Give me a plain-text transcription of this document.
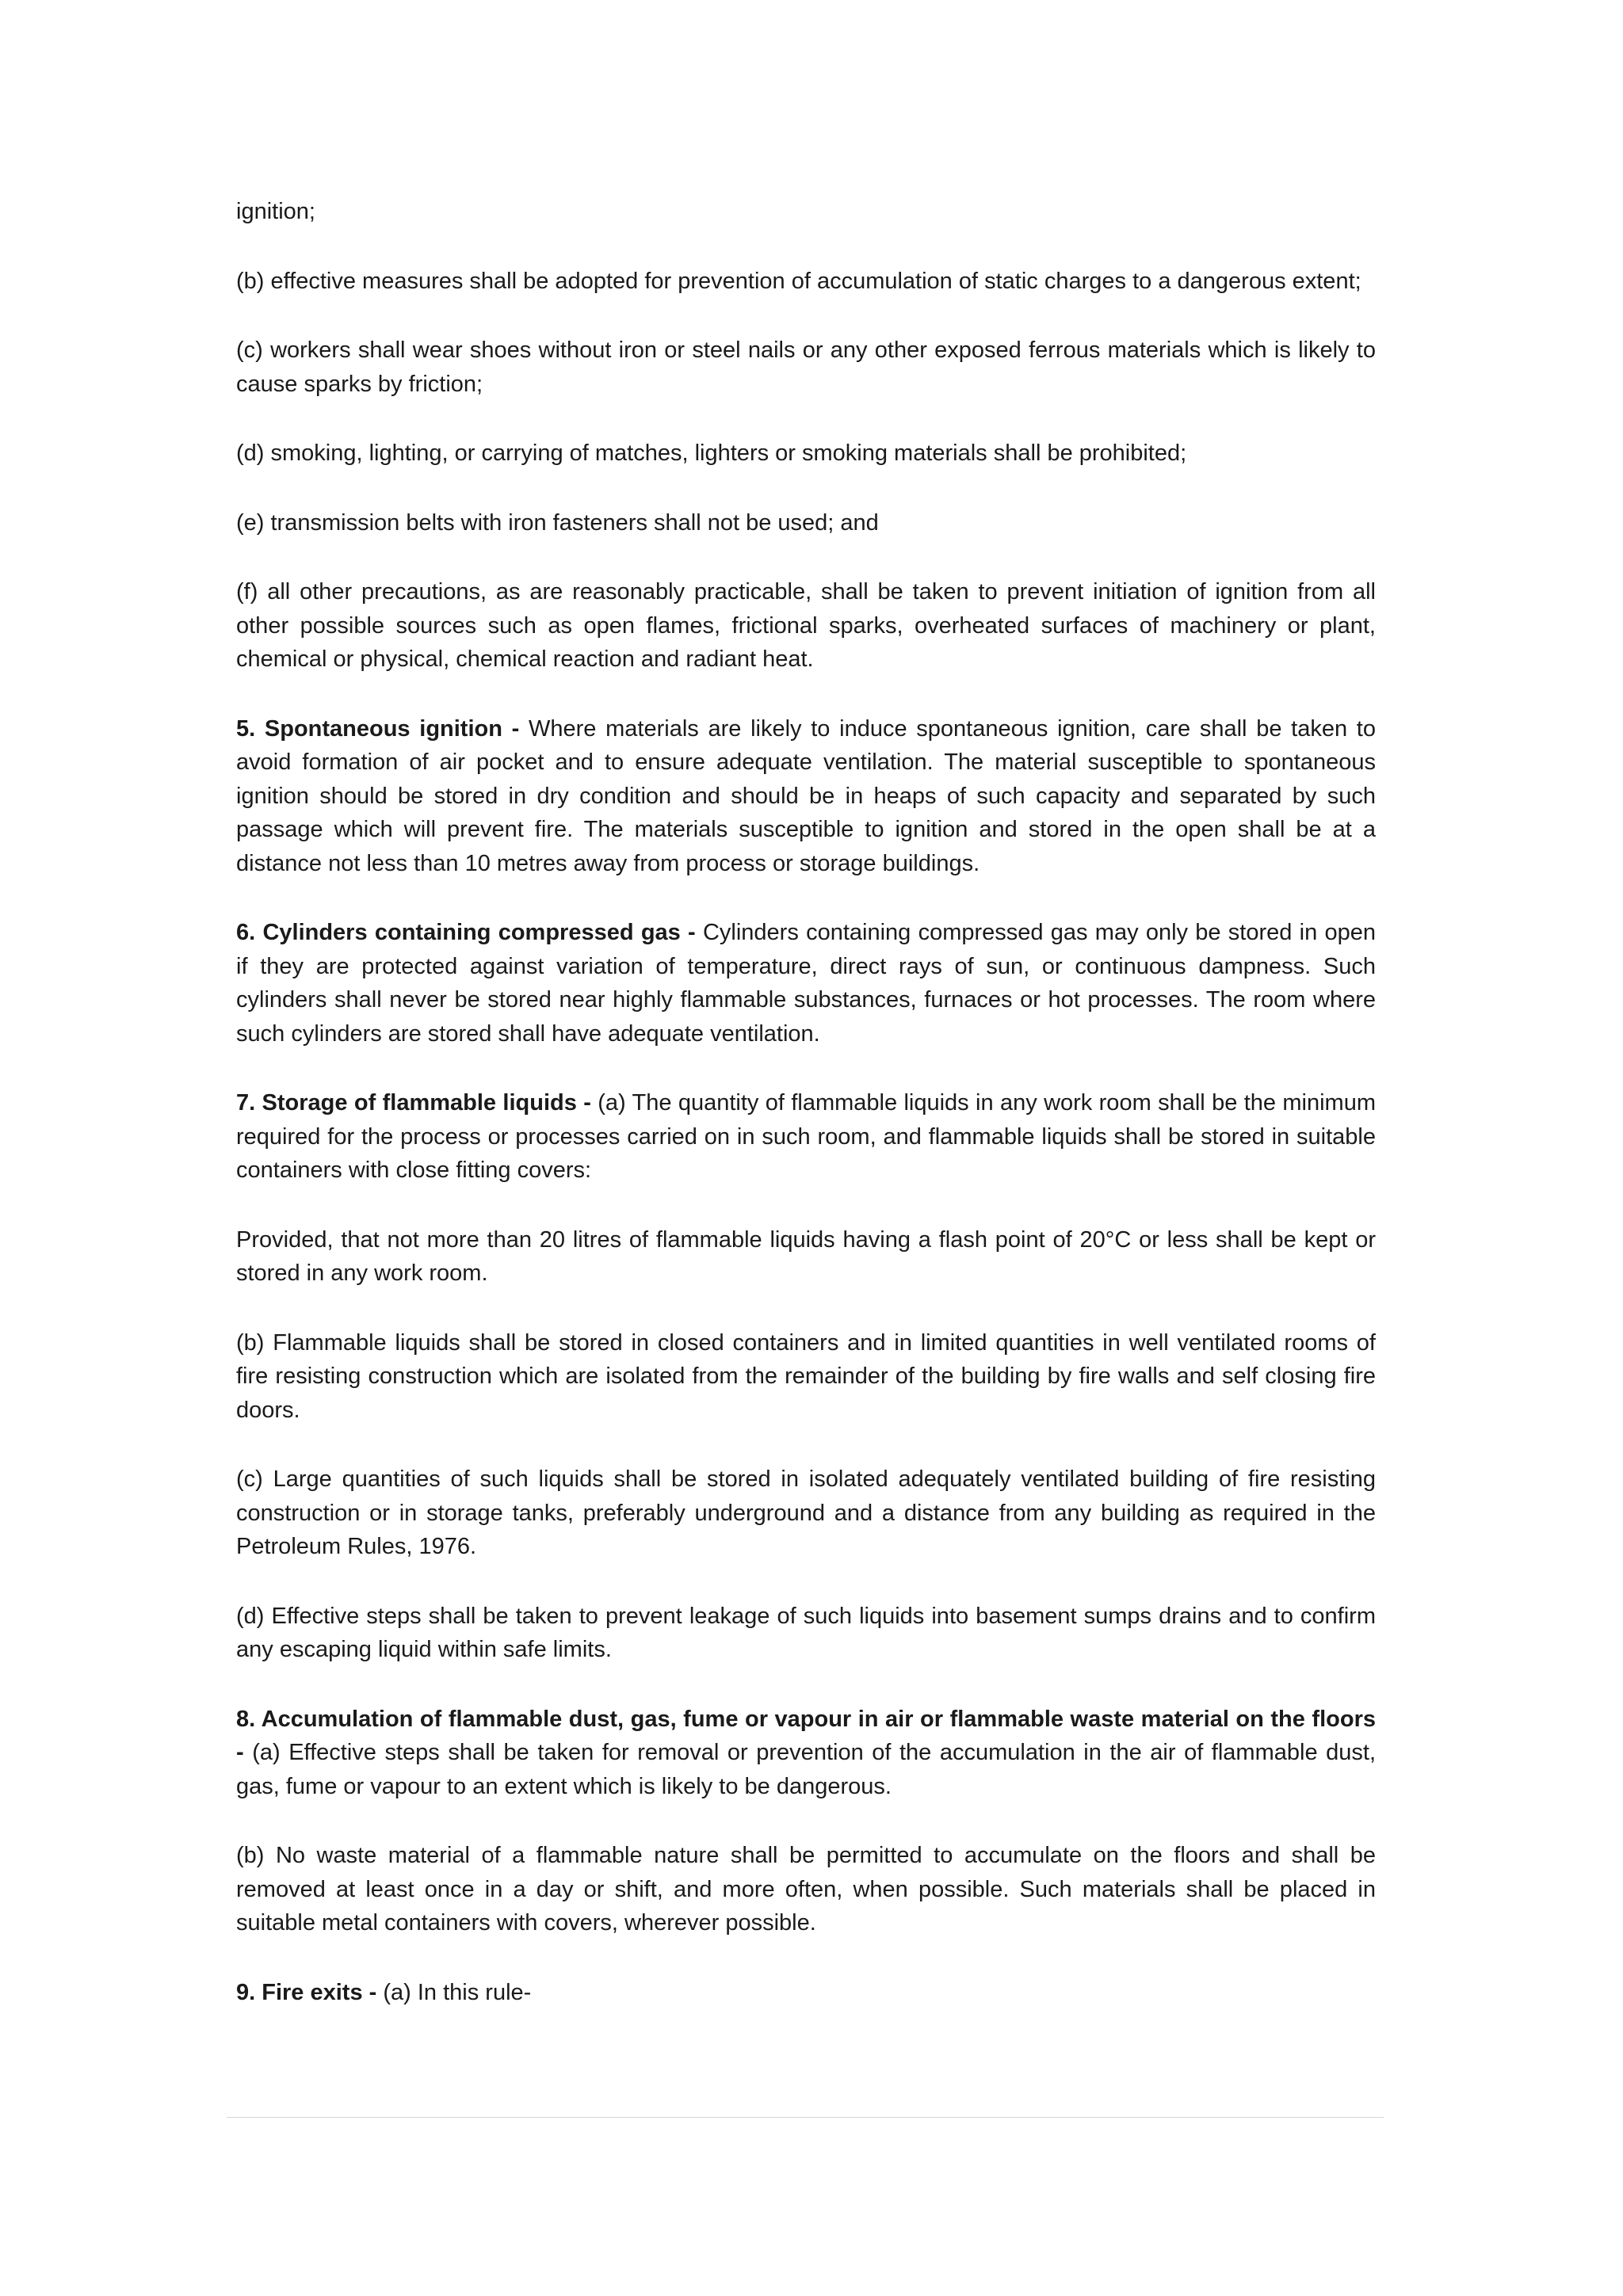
ignition;

(b) effective measures shall be adopted for prevention of accumulation of static charges to a dangerous extent;

(c) workers shall wear shoes without iron or steel nails or any other exposed ferrous materials which is likely to cause sparks by friction;

(d) smoking, lighting, or carrying of matches, lighters or smoking materials shall be prohibited;

(e) transmission belts with iron fasteners shall not be used; and

(f) all other precautions, as are reasonably practicable, shall be taken to prevent initiation of ignition from all other possible sources such as open flames, frictional sparks, overheated surfaces of machinery or plant, chemical or physical, chemical reaction and radiant heat.

5. Spontaneous ignition - Where materials are likely to induce spontaneous ignition, care shall be taken to avoid formation of air pocket and to ensure adequate ventilation. The material susceptible to spontaneous ignition should be stored in dry condition and should be in heaps of such capacity and separated by such passage which will prevent fire. The materials susceptible to ignition and stored in the open shall be at a distance not less than 10 metres away from process or storage buildings.

6. Cylinders containing compressed gas - Cylinders containing compressed gas may only be stored in open if they are protected against variation of temperature, direct rays of sun, or continuous dampness. Such cylinders shall never be stored near highly flammable substances, furnaces or hot processes. The room where such cylinders are stored shall have adequate ventilation.

7. Storage of flammable liquids - (a) The quantity of flammable liquids in any work room shall be the minimum required for the process or processes carried on in such room, and flammable liquids shall be stored in suitable containers with close fitting covers:

Provided, that not more than 20 litres of flammable liquids having a flash point of 20°C or less shall be kept or stored in any work room.

(b) Flammable liquids shall be stored in closed containers and in limited quantities in well ventilated rooms of fire resisting construction which are isolated from the remainder of the building by fire walls and self closing fire doors.

(c) Large quantities of such liquids shall be stored in isolated adequately ventilated building of fire resisting construction or in storage tanks, preferably underground and a distance from any building as required in the Petroleum Rules, 1976.

(d) Effective steps shall be taken to prevent leakage of such liquids into basement sumps drains and to confirm any escaping liquid within safe limits.

8. Accumulation of flammable dust, gas, fume or vapour in air or flammable waste material on the floors - (a) Effective steps shall be taken for removal or prevention of the accumulation in the air of flammable dust, gas, fume or vapour to an extent which is likely to be dangerous.

(b) No waste material of a flammable nature shall be permitted to accumulate on the floors and shall be removed at least once in a day or shift, and more often, when possible. Such materials shall be placed in suitable metal containers with covers, wherever possible.

9. Fire exits - (a) In this rule-
